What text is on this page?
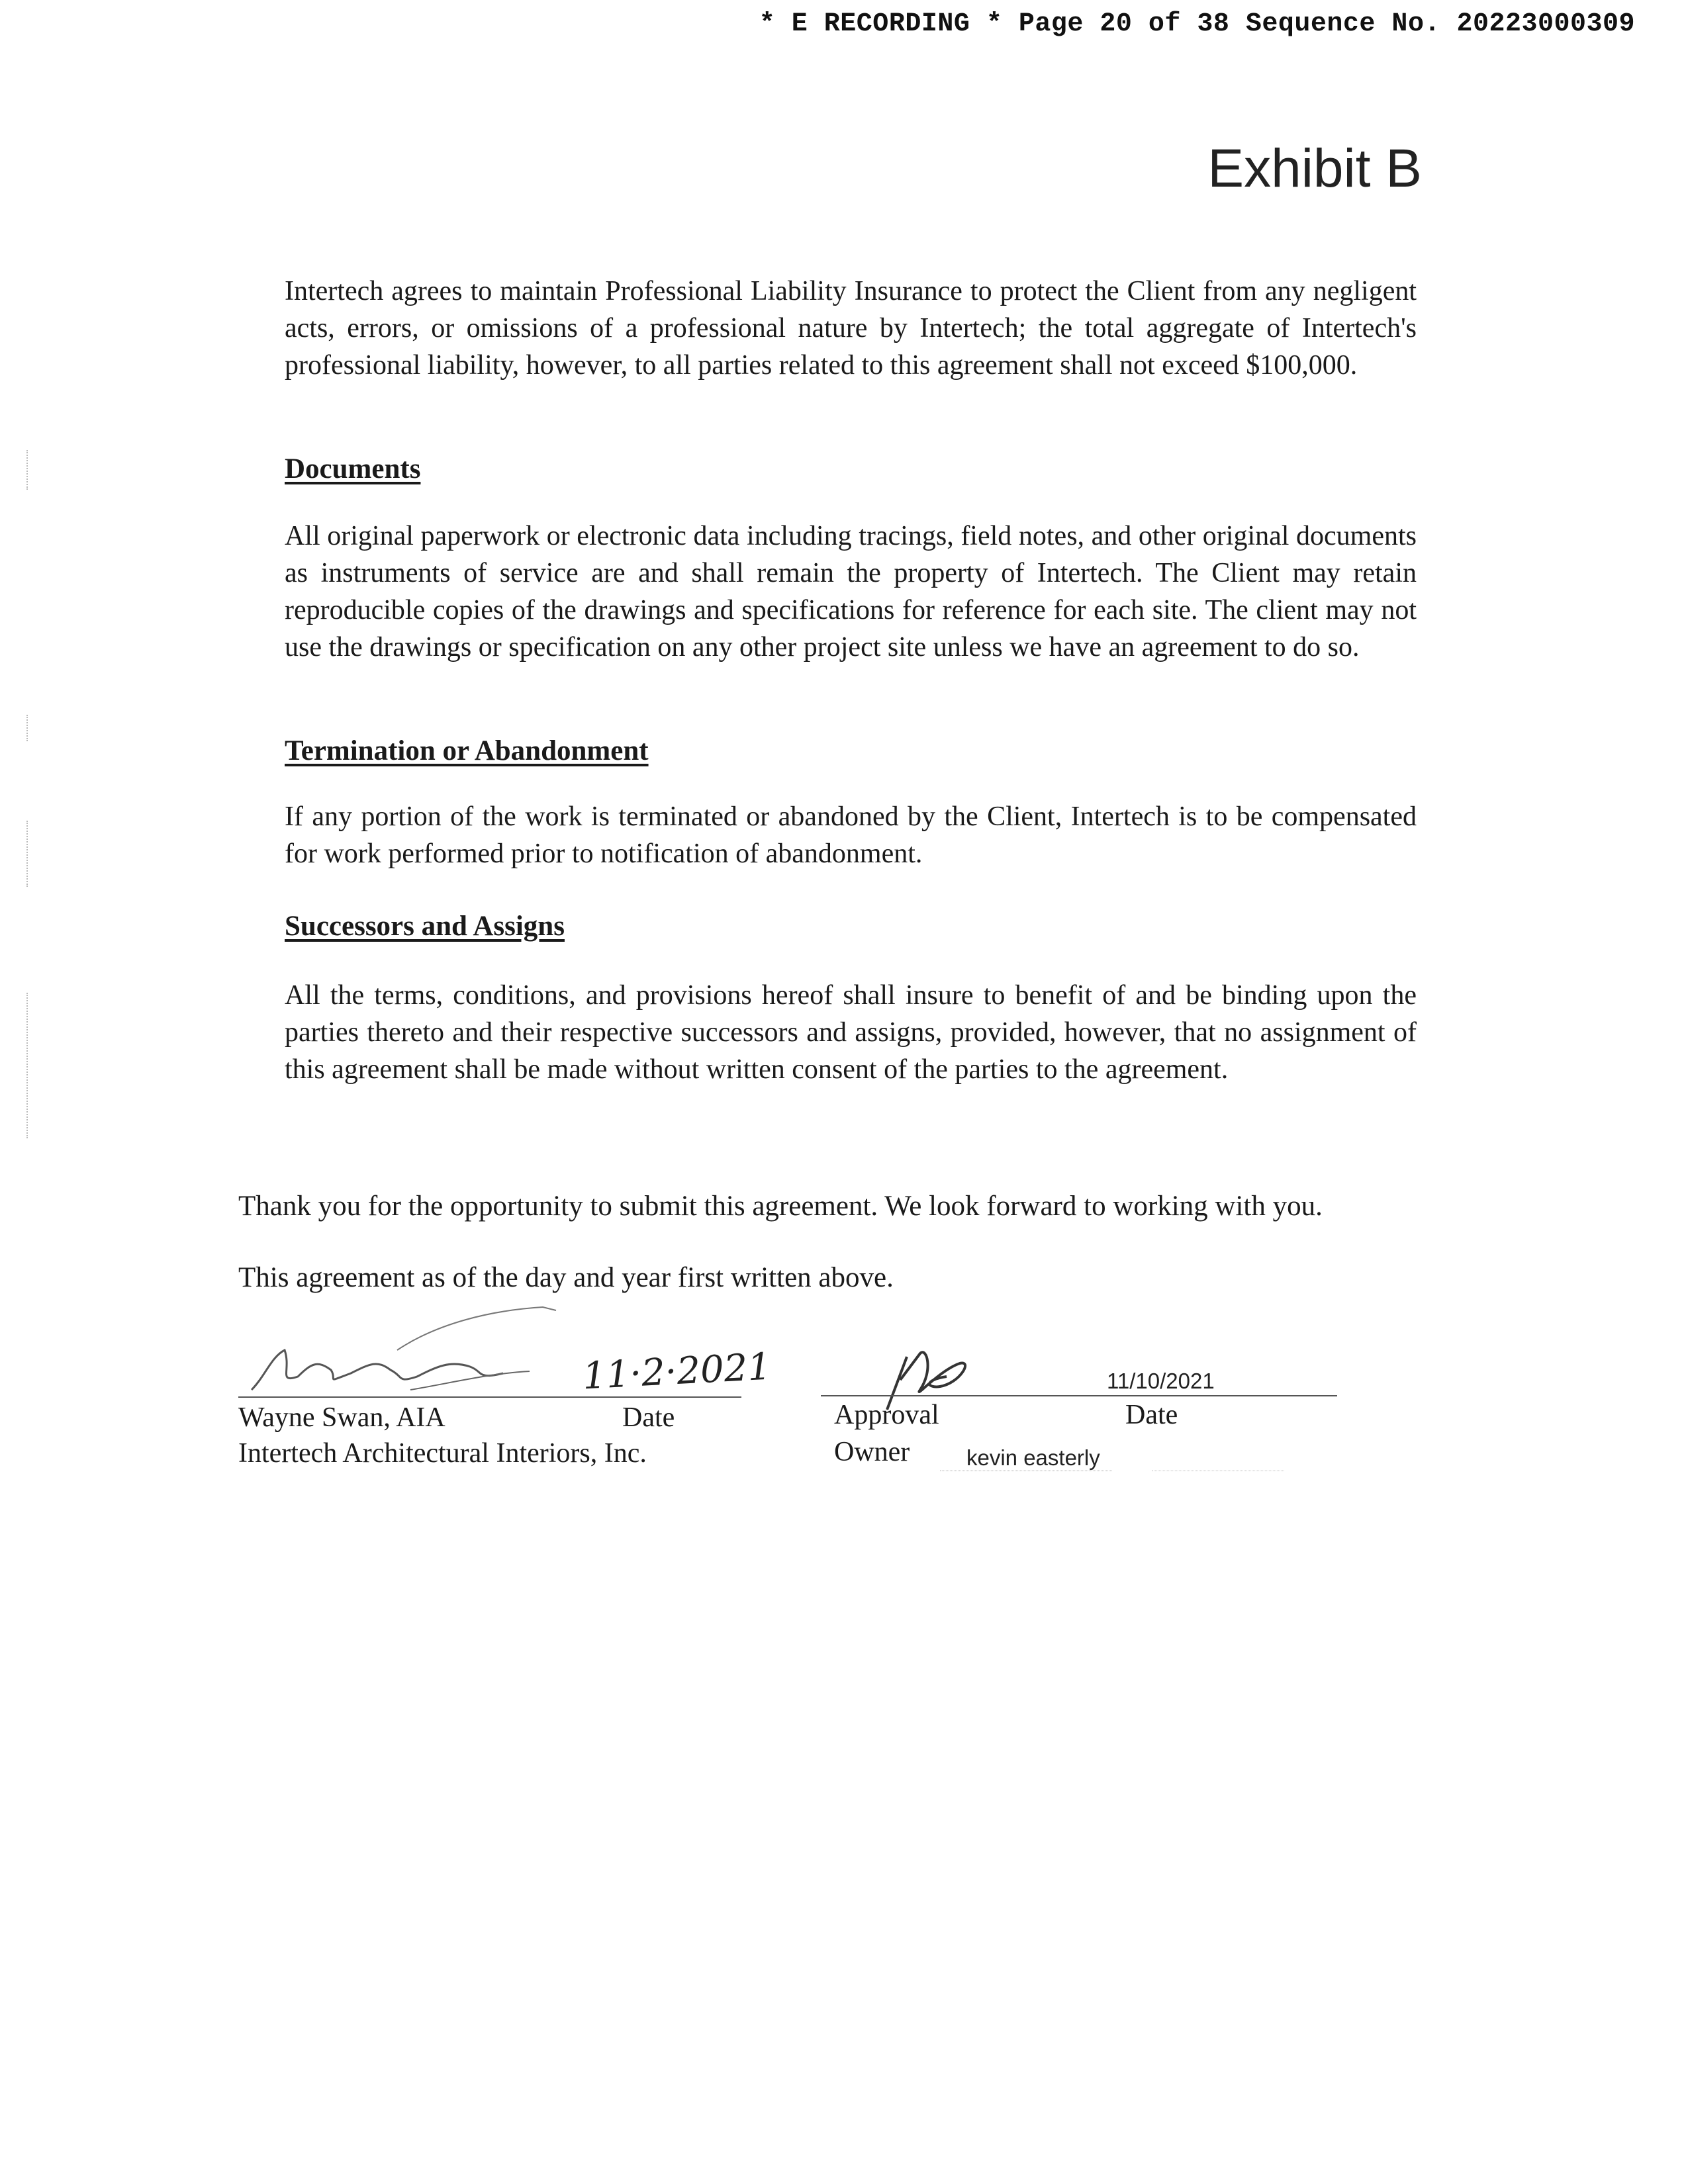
* E RECORDING * Page 20 of 38 Sequence No. 20223000309
Exhibit B
Intertech agrees to maintain Professional Liability Insurance to protect the Client from any negligent acts, errors, or omissions of a professional nature by Intertech; the total aggregate of Intertech's professional liability, however, to all parties related to this agreement shall not exceed $100,000.
Documents
All original paperwork or electronic data including tracings, field notes, and other original documents as instruments of service are and shall remain the property of Intertech. The Client may retain reproducible copies of the drawings and specifications for reference for each site. The client may not use the drawings or specification on any other project site unless we have an agreement to do so.
Termination or Abandonment
If any portion of the work is terminated or abandoned by the Client, Intertech is to be compensated for work performed prior to notification of abandonment.
Successors and Assigns
All the terms, conditions, and provisions hereof shall insure to benefit of and be binding upon the parties thereto and their respective successors and assigns, provided, however, that no assignment of this agreement shall be made without written consent of the parties to the agreement.
Thank you for the opportunity to submit this agreement. We look forward to working with you.
This agreement as of the day and year first written above.
11·2·2021
Wayne Swan, AIA	Date
Intertech Architectural Interiors, Inc.
11/10/2021
Approval	Date
Owner	kevin easterly
